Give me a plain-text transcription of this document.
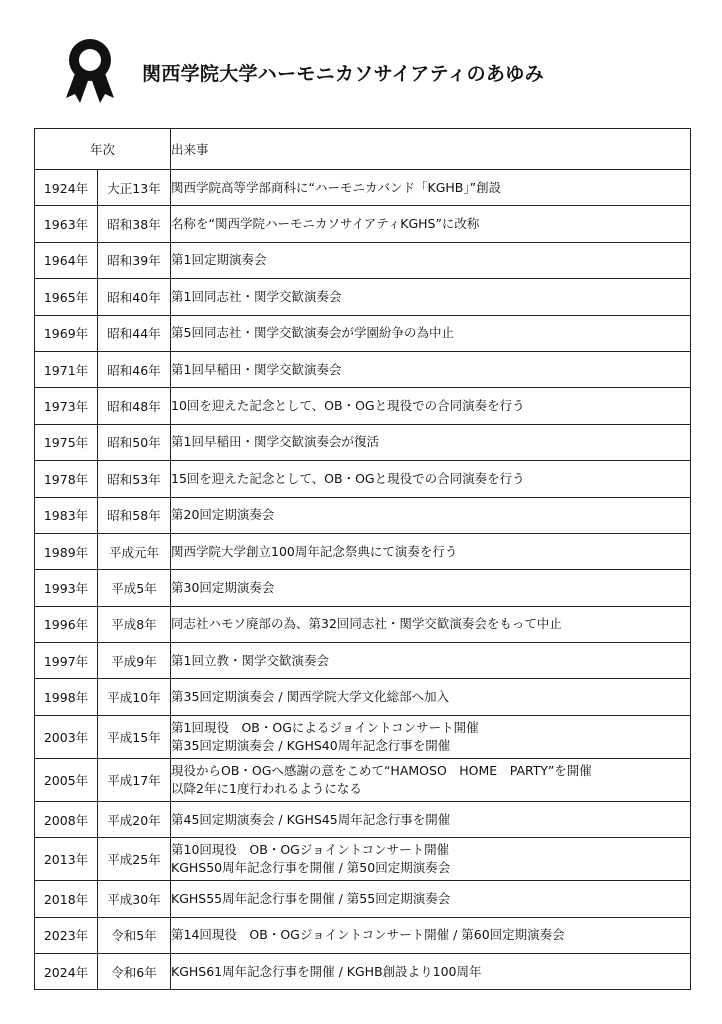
関西学院大学ハーモニカソサイアティのあゆみ
年次		出来事
1924年	大正13年	関西学院高等学部商科に“ハーモニカバンド「KGHB」”創設

1963年	昭和38年	名称を“関西学院ハーモニカソサイアティKGHS”に改称

1964年	昭和39年	第1回定期演奏会

1965年	昭和40年	第1回同志社・関学交歓演奏会

1969年	昭和44年	第5回同志社・関学交歓演奏会が学園紛争の為中止

1971年	昭和46年	第1回早稲田・関学交歓演奏会

1973年	昭和48年	10回を迎えた記念として、OB・OGと現役での合同演奏を行う

1975年	昭和50年	第1回早稲田・関学交歓演奏会が復活

1978年	昭和53年	15回を迎えた記念として、OB・OGと現役での合同演奏を行う

1983年	昭和58年	第20回定期演奏会

1989年	平成元年	関西学院大学創立100周年記念祭典にて演奏を行う

1993年	平成5年	第30回定期演奏会

1996年	平成8年	同志社ハモソ廃部の為、第32回同志社・関学交歓演奏会をもって中止

1997年	平成9年	第1回立教・関学交歓演奏会

1998年	平成10年	第35回定期演奏会 / 関西学院大学文化総部へ加入

2003年	平成15年	第1回現役　OB・OGによるジョイントコンサート開催
第35回定期演奏会 / KGHS40周年記念行事を開催

2005年	平成17年	現役からOB・OGへ感謝の意をこめて“HAMOSO　HOME　PARTY”を開催
以降2年に1度行われるようになる

2008年	平成20年	第45回定期演奏会 / KGHS45周年記念行事を開催

2013年	平成25年	第10回現役　OB・OGジョイントコンサート開催
KGHS50周年記念行事を開催 / 第50回定期演奏会

2018年	平成30年	KGHS55周年記念行事を開催 / 第55回定期演奏会

2023年	令和5年	第14回現役　OB・OGジョイントコンサート開催 / 第60回定期演奏会

2024年	令和6年	KGHS61周年記念行事を開催 / KGHB創設より100周年
